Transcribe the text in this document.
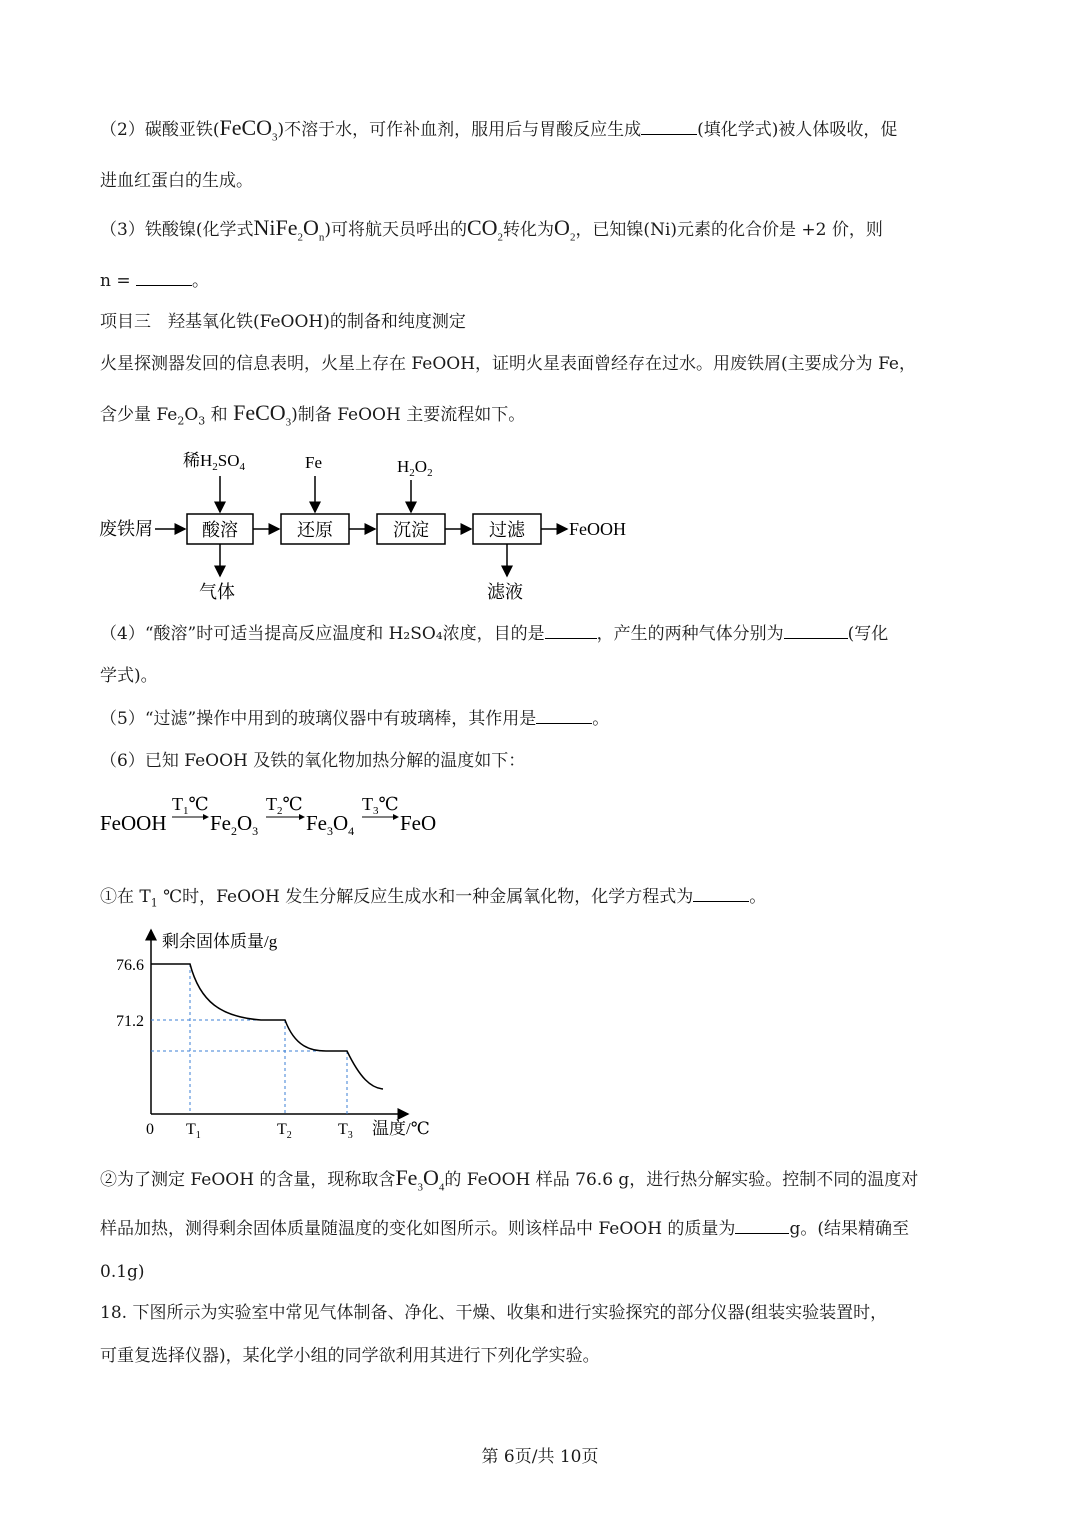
（2）碳酸亚铁(FeCO$_3$)不溶于水，可作补血剂，服用后与胃酸反应生成	(填化学式)被人体吸收，促
进血红蛋白的生成。
（3）铁酸镍(化学式$NiFe_2O_n$)可将航天员呼出的$CO_2$转化为$O_2$，已知镍(Ni)元素的化合价是 +2 价，则
n =	。
项目三　羟基氧化铁(FeOOH)的制备和纯度测定
火星探测器发回的信息表明，火星上存在 FeOOH，证明火星表面曾经存在过水。用废铁屑(主要成分为 Fe，
含少量 $Fe_2O_3$ 和 FeCO$_3$)制备 FeOOH 主要流程如下。
废铁屑	酸溶	还原	沉淀	过滤 FeOOH
稀$H_2SO_4$	Fe	$H_2O_2$
气体	滤液
（4）“酸溶”时可适当提高反应温度和 H₂SO₄浓度，目的是	，产生的两种气体分别为	(写化
学式)。
（5）“过滤”操作中用到的玻璃仪器中有玻璃棒，其作用是	。
（6）已知 FeOOH 及铁的氧化物加热分解的温度如下：
FeOOH
$T_1℃$
$Fe_2O_3$
$T_2℃$
$Fe_3O_4$
$T_3℃$
FeO
①在 $T_1$ ℃时，FeOOH 发生分解反应生成水和一种金属氧化物，化学方程式为	。
剩余固体质量/g
温度/℃
0
76.6
71.2
$T_1$	$T_2$	$T_3$
②为了测定 FeOOH 的含量，现称取含$Fe_3O_4$的 FeOOH 样品 76.6 g，进行热分解实验。控制不同的温度对
样品加热，测得剩余固体质量随温度的变化如图所示。则该样品中 FeOOH 的质量为	g。(结果精确至
0.1g)
18. 下图所示为实验室中常见气体制备、净化、干燥、收集和进行实验探究的部分仪器(组装实验装置时，
可重复选择仪器)，某化学小组的同学欲利用其进行下列化学实验。
第 6页/共 10页
